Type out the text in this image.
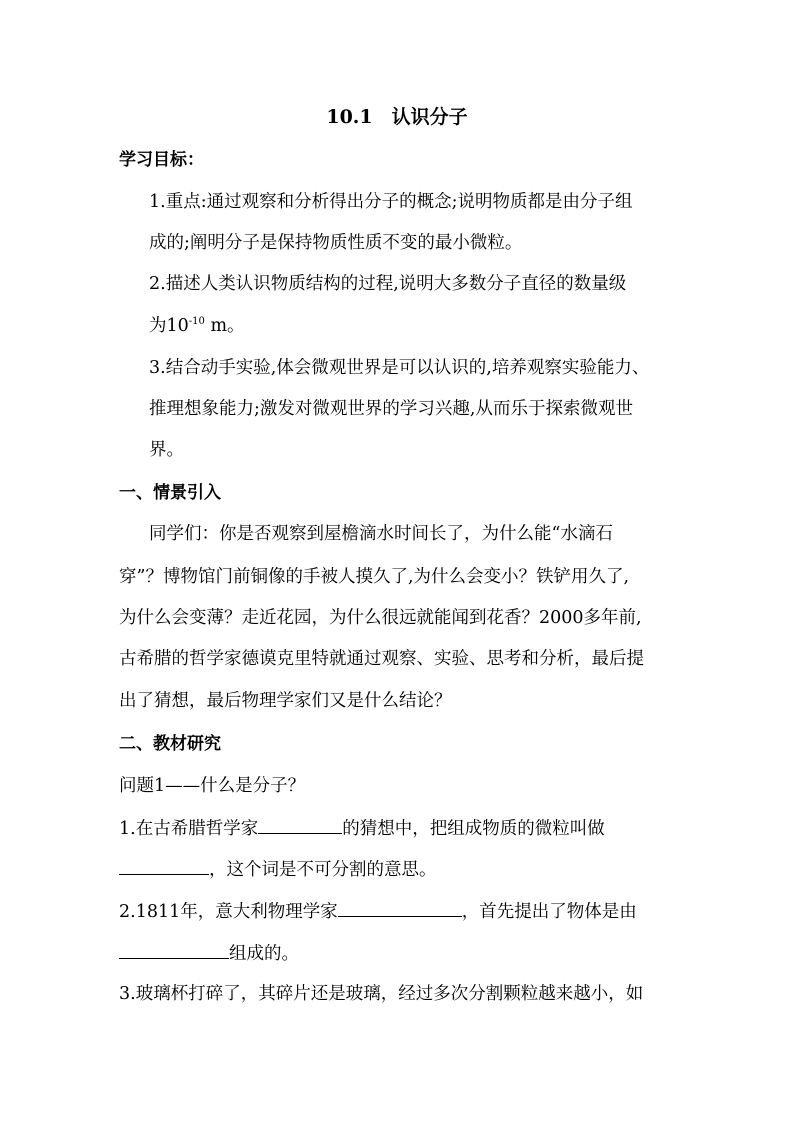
10.1　认识分子
学习目标：
1.重点:通过观察和分析得出分子的概念;说明物质都是由分子组
成的;阐明分子是保持物质性质不变的最小微粒。
2.描述人类认识物质结构的过程,说明大多数分子直径的数量级
为$10^{-10}$ m。
3.结合动手实验,体会微观世界是可以认识的,培养观察实验能力、
推理想象能力;激发对微观世界的学习兴趣,从而乐于探索微观世
界。
一、情景引入
同学们：你是否观察到屋檐滴水时间长了，为什么能“水滴石
穿”？博物馆门前铜像的手被人摸久了,为什么会变小？铁铲用久了,
为什么会变薄？走近花园，为什么很远就能闻到花香？2000多年前,
古希腊的哲学家德谟克里特就通过观察、实验、思考和分析，最后提
出了猜想，最后物理学家们又是什么结论？
二、教材研究
问题1——什么是分子？
1.在古希腊哲学家	的猜想中，把组成物质的微粒叫做
，这个词是不可分割的意思。
2.1811年，意大利物理学家	，首先提出了物体是由
组成的。
3.玻璃杯打碎了，其碎片还是玻璃，经过多次分割颗粒越来越小，如
